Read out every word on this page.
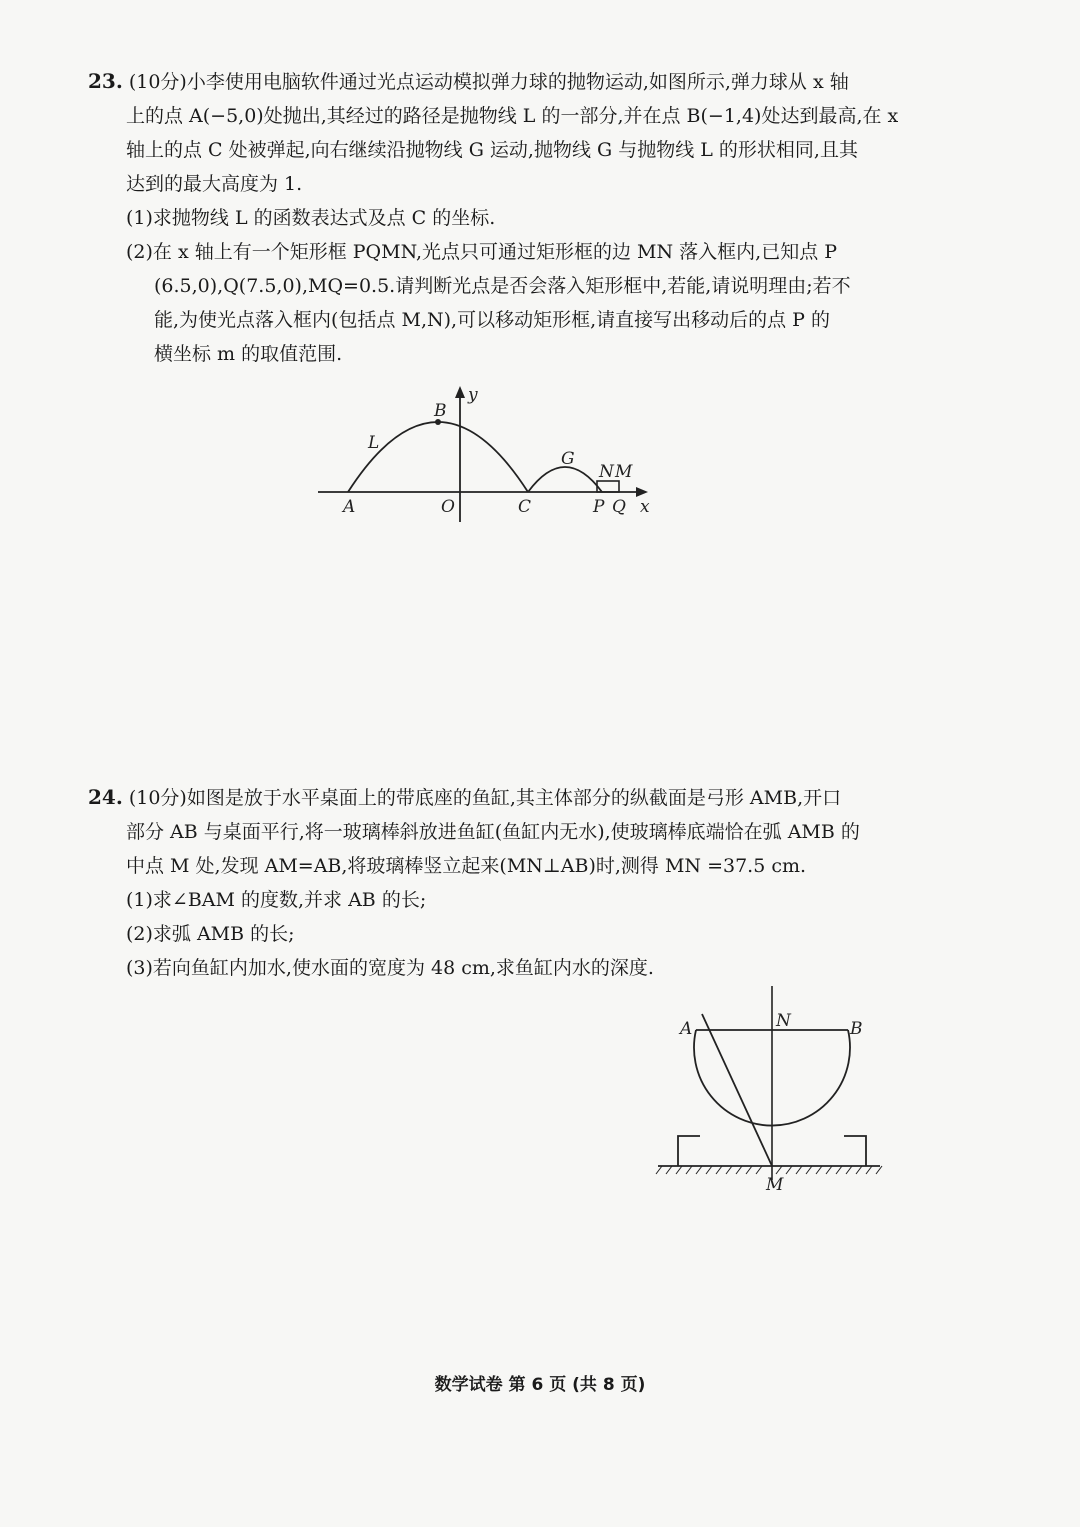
23. (10分)小李使用电脑软件通过光点运动模拟弹力球的抛物运动,如图所示,弹力球从 x 轴

上的点 A(−5,0)处抛出,其经过的路径是抛物线 L 的一部分,并在点 B(−1,4)处达到最高,在 x

轴上的点 C 处被弹起,向右继续沿抛物线 G 运动,抛物线 G 与抛物线 L 的形状相同,且其

达到的最大高度为 1.

(1)求抛物线 L 的函数表达式及点 C 的坐标.

(2)在 x 轴上有一个矩形框 PQMN,光点只可通过矩形框的边 MN 落入框内,已知点 P

(6.5,0),Q(7.5,0),MQ=0.5.请判断光点是否会落入矩形框中,若能,请说明理由;若不

能,为使光点落入框内(包括点 M,N),可以移动矩形框,请直接写出移动后的点 P 的

横坐标 m 的取值范围.

y
x
B
L
A	O	C
G
N M
P Q

24. (10分)如图是放于水平桌面上的带底座的鱼缸,其主体部分的纵截面是弓形 AMB,开口

部分 AB 与桌面平行,将一玻璃棒斜放进鱼缸(鱼缸内无水),使玻璃棒底端恰在弧 AMB 的

中点 M 处,发现 AM=AB,将玻璃棒竖立起来(MN⊥AB)时,测得 MN =37.5 cm.

(1)求∠BAM 的度数,并求 AB 的长;

(2)求弧 AMB 的长;

(3)若向鱼缸内加水,使水面的宽度为 48 cm,求鱼缸内水的深度.

A	N	B
M
数学试卷 第 6 页 (共 8 页)
